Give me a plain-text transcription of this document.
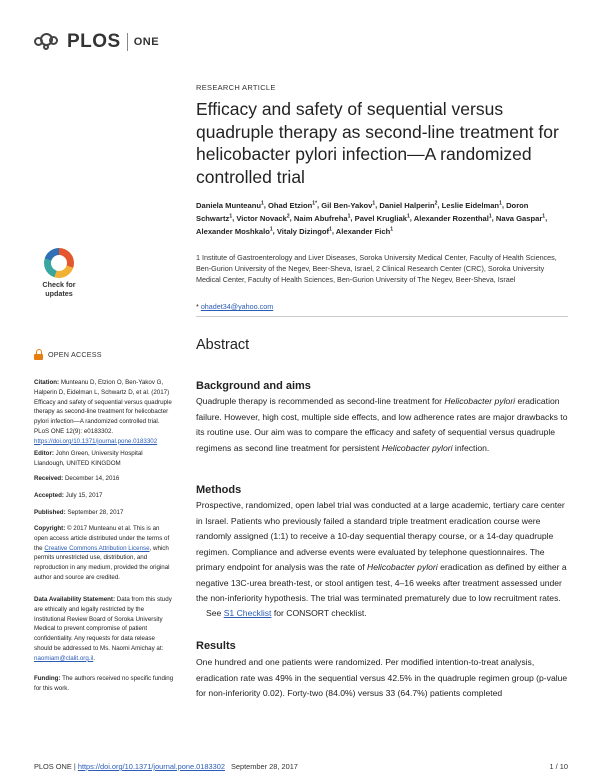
PLOS ONE
RESEARCH ARTICLE
Efficacy and safety of sequential versus quadruple therapy as second-line treatment for helicobacter pylori infection—A randomized controlled trial
Daniela Munteanu$^1$, Ohad Etzion$^{1*}$, Gil Ben-Yakov$^1$, Daniel Halperin$^2$, Leslie Eidelman$^1$, Doron Schwartz$^1$, Victor Novack$^2$, Naim Abufreha$^1$, Pavel Krugliak$^1$, Alexander Rozenthal$^1$, Nava Gaspar$^1$, Alexander Moshkalo$^1$, Vitaly Dizingof$^1$, Alexander Fich$^1$
1 Institute of Gastroenterology and Liver Diseases, Soroka University Medical Center, Faculty of Health Sciences, Ben-Gurion University of the Negev, Beer-Sheva, Israel, 2 Clinical Research Center (CRC), Soroka University Medical Center, Faculty of Health Sciences, Ben-Gurion University of The Negev, Beer-Sheva, Israel
* ohadet34@yahoo.com
Abstract
Background and aims
Quadruple therapy is recommended as second-line treatment for Helicobacter pylori eradication failure. However, high cost, multiple side effects, and low adherence rates are major drawbacks to its routine use. Our aim was to compare the efficacy and safety of sequential versus quadruple regimens as second line treatment for persistent Helicobacter pylori infection.
Methods
Prospective, randomized, open label trial was conducted at a large academic, tertiary care center in Israel. Patients who previously failed a standard triple treatment eradication course were randomly assigned (1:1) to receive a 10-day sequential therapy course, or a 14-day quadruple regimen. Compliance and adverse events were evaluated by telephone questionnaires. The primary endpoint for analysis was the rate of Helicobacter pylori eradication as defined by either a negative 13C-urea breath-test, or stool antigen test, 4–16 weeks after treatment assessed under the non-inferiority hypothesis. The trial was terminated prematurely due to low recruitment rates.
See S1 Checklist for CONSORT checklist.
Results
One hundred and one patients were randomized. Per modified intention-to-treat analysis, eradication rate was 49% in the sequential versus 42.5% in the quadruple regimen group (p-value for non-inferiority 0.02). Forty-two (84.0%) versus 33 (64.7%) patients completed
Check for updates
OPEN ACCESS
Citation: Munteanu D, Etzion O, Ben-Yakov G, Halperin D, Eidelman L, Schwartz D, et al. (2017) Efficacy and safety of sequential versus quadruple therapy as second-line treatment for helicobacter pylori infection—A randomized controlled trial. PLoS ONE 12(9): e0183302. https://doi.org/10.1371/journal.pone.0183302
Editor: John Green, University Hospital Llandough, UNITED KINGDOM
Received: December 14, 2016
Accepted: July 15, 2017
Published: September 28, 2017
Copyright: © 2017 Munteanu et al. This is an open access article distributed under the terms of the Creative Commons Attribution License, which permits unrestricted use, distribution, and reproduction in any medium, provided the original author and source are credited.
Data Availability Statement: Data from this study are ethically and legally restricted by the Institutional Review Board of Soroka University Medical to prevent compromise of patient confidentiality. Any requests for data release should be addressed to Ms. Naomi Amichay at: naomiam@clalit.org.il.
Funding: The authors received no specific funding for this work.
PLOS ONE | https://doi.org/10.1371/journal.pone.0183302 September 28, 2017	1 / 10
